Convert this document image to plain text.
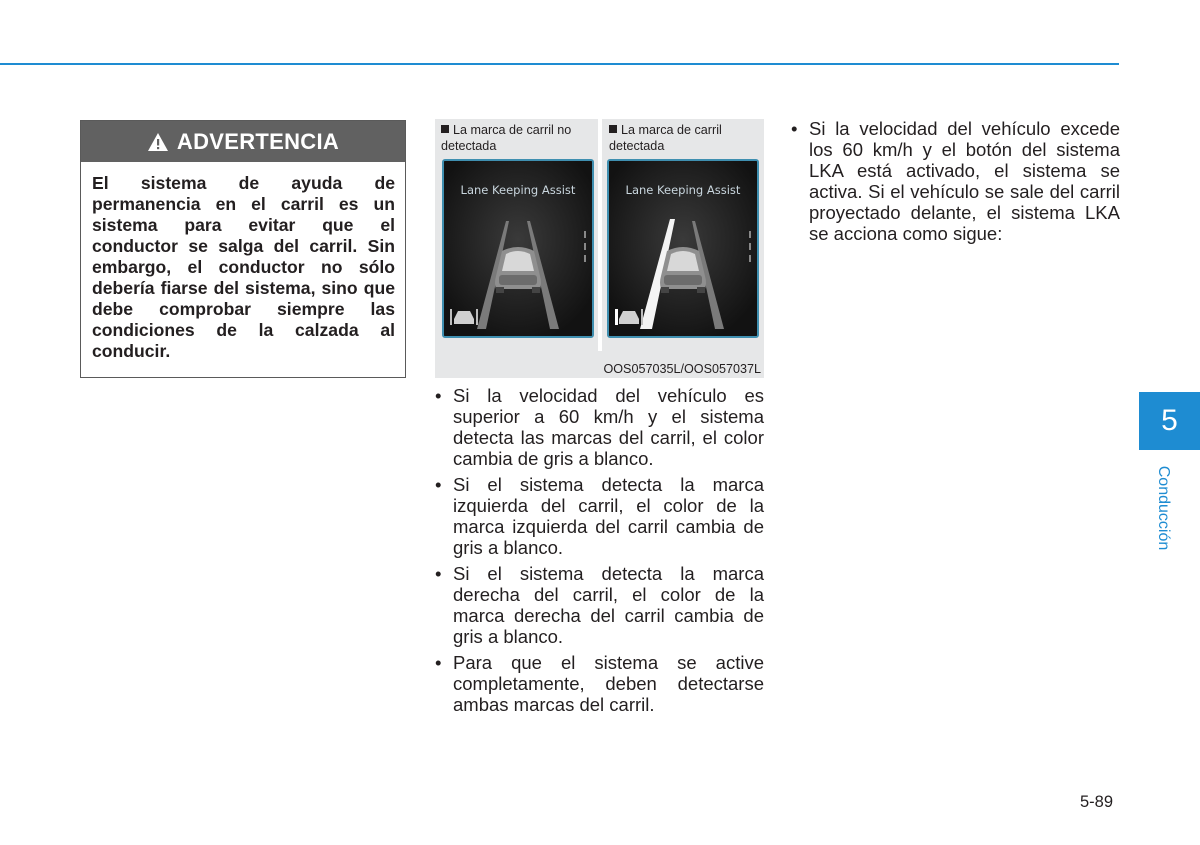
ADVERTENCIA
El sistema de ayuda de permanencia en el carril es un sistema para evitar que el conductor se salga del carril. Sin embargo, el conductor no sólo debería fiarse del sistema, sino que debe comprobar siempre las condiciones de la calzada al conducir.
La marca de carril no detectada
La marca de carril detectada
Lane Keeping Assist	Lane Keeping Assist
OOS057035L/OOS057037L
• Si la velocidad del vehículo es superior a 60 km/h y el sistema detecta las marcas del carril, el color cambia de gris a blanco.
• Si el sistema detecta la marca izquierda del carril, el color de la marca izquierda del carril cambia de gris a blanco.
• Si el sistema detecta la marca derecha del carril, el color de la marca derecha del carril cambia de gris a blanco.
• Para que el sistema se active completamente, deben detectarse ambas marcas del carril.
• Si la velocidad del vehículo excede los 60 km/h y el botón del sistema LKA está activado, el sistema se activa. Si el vehículo se sale del carril proyectado delante, el sistema LKA se acciona como sigue:
5
Conducción
5-89
